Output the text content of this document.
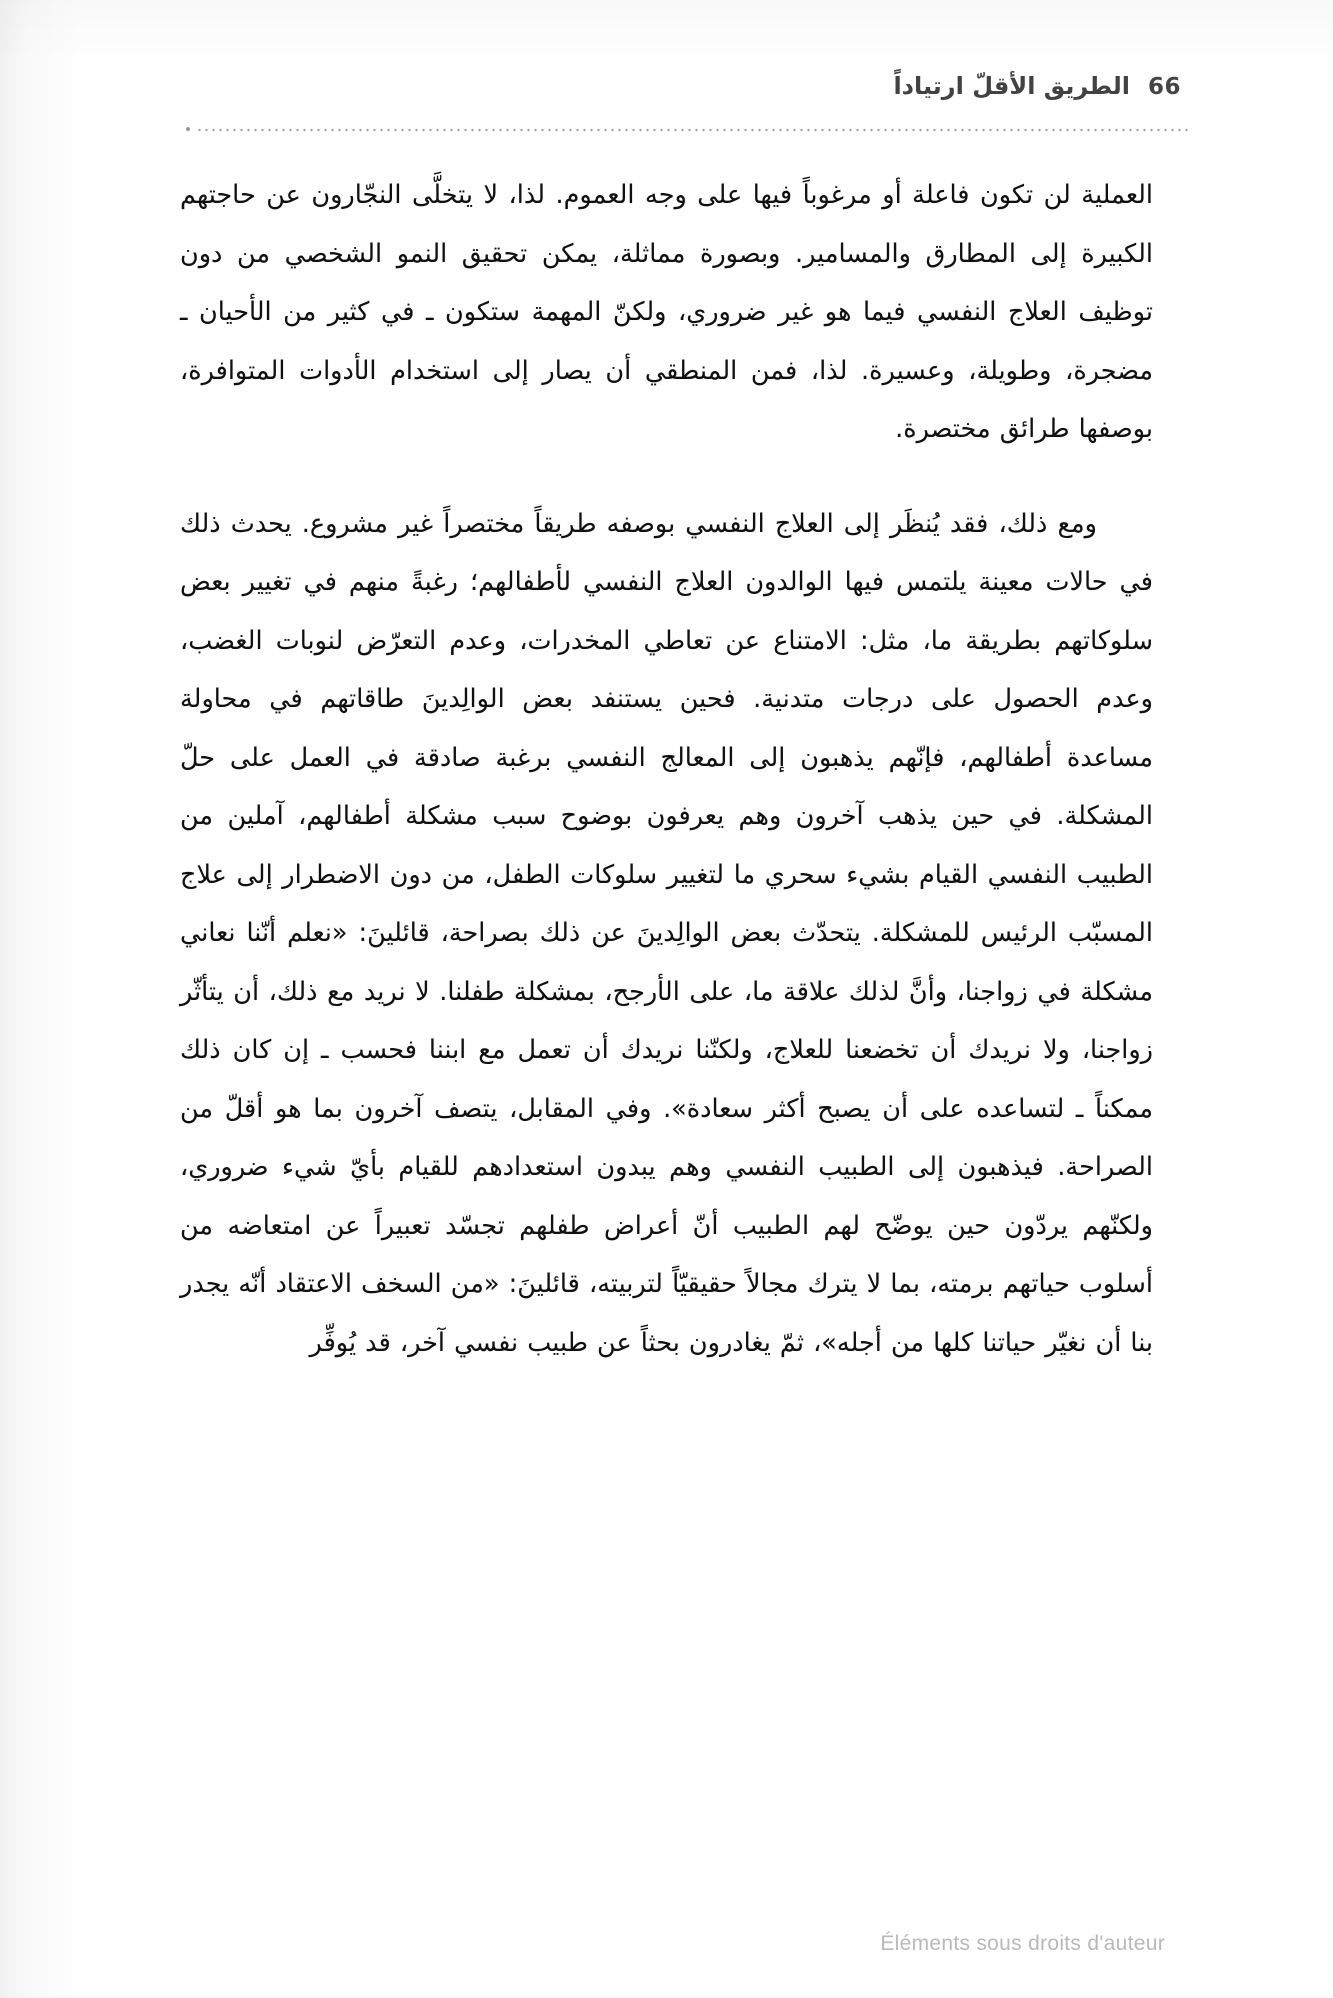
66
الطريق الأقلّ ارتياداً

العملية لن تكون فاعلة أو مرغوباً فيها على وجه العموم. لذا، لا يتخلَّى النجّارون عن حاجتهم الكبيرة إلى المطارق والمسامير. وبصورة مماثلة، يمكن تحقيق النمو الشخصي من دون توظيف العلاج النفسي فيما هو غير ضروري، ولكنّ المهمة ستكون ـ في كثير من الأحيان ـ مضجرة، وطويلة، وعسيرة. لذا، فمن المنطقي أن يصار إلى استخدام الأدوات المتوافرة، بوصفها طرائق مختصرة.

ومع ذلك، فقد يُنظَر إلى العلاج النفسي بوصفه طريقاً مختصراً غير مشروع. يحدث ذلك في حالات معينة يلتمس فيها الوالدون العلاج النفسي لأطفالهم؛ رغبةً منهم في تغيير بعض سلوكاتهم بطريقة ما، مثل: الامتناع عن تعاطي المخدرات، وعدم التعرّض لنوبات الغضب، وعدم الحصول على درجات متدنية. فحين يستنفد بعض الوالِدينَ طاقاتهم في محاولة مساعدة أطفالهم، فإنّهم يذهبون إلى المعالج النفسي برغبة صادقة في العمل على حلّ المشكلة. في حين يذهب آخرون وهم يعرفون بوضوح سبب مشكلة أطفالهم، آملين من الطبيب النفسي القيام بشيء سحري ما لتغيير سلوكات الطفل، من دون الاضطرار إلى علاج المسبّب الرئيس للمشكلة. يتحدّث بعض الوالِدينَ عن ذلك بصراحة، قائلينَ: «نعلم أنّنا نعاني مشكلة في زواجنا، وأنَّ لذلك علاقة ما، على الأرجح، بمشكلة طفلنا. لا نريد مع ذلك، أن يتأثّر زواجنا، ولا نريدك أن تخضعنا للعلاج، ولكنّنا نريدك أن تعمل مع ابننا فحسب ـ إن كان ذلك ممكناً ـ لتساعده على أن يصبح أكثر سعادة». وفي المقابل، يتصف آخرون بما هو أقلّ من الصراحة. فيذهبون إلى الطبيب النفسي وهم يبدون استعدادهم للقيام بأيّ شيء ضروري، ولكنّهم يردّون حين يوضّح لهم الطبيب أنّ أعراض طفلهم تجسّد تعبيراً عن امتعاضه من أسلوب حياتهم برمته، بما لا يترك مجالاً حقيقيّاً لتربيته، قائلينَ: «من السخف الاعتقاد أنّه يجدر بنا أن نغيّر حياتنا كلها من أجله»، ثمّ يغادرون بحثاً عن طبيب نفسي آخر، قد يُوفِّر

Éléments sous droits d'auteur
